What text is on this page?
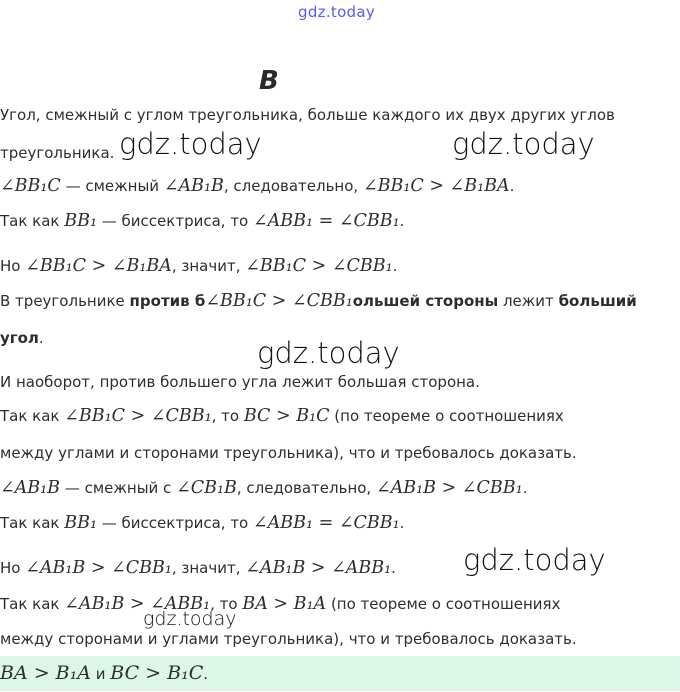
gdz.today
B
Угол, смежный с углом треугольника, больше каждого их двух других углов
треугольника. gdz.today	gdz.today
∠BB₁C — смежный ∠AB₁B, следовательно, ∠BB₁C > ∠B₁BA.
Так как BB₁ — биссектриса, то ∠ABB₁ = ∠CBB₁.
Но ∠BB₁C > ∠B₁BA, значит, ∠BB₁C > ∠CBB₁.
В треугольнике против б∠BB₁C > ∠CBB₁ольшей стороны лежит больший
угол.	gdz.today
И наоборот, против большего угла лежит большая сторона.
Так как ∠BB₁C > ∠CBB₁, то BC > B₁C (по теореме о соотношениях
между углами и сторонами треугольника), что и требовалось доказать.
∠AB₁B — смежный с ∠CB₁B, следовательно, ∠AB₁B > ∠CBB₁.
Так как BB₁ — биссектриса, то ∠ABB₁ = ∠CBB₁.
Но ∠AB₁B > ∠CBB₁, значит, ∠AB₁B > ∠ABB₁. gdz.today
Так как ∠AB₁B > ∠ABB₁, то BA > B₁A (по теореме о соотношениях
gdz.today
между сторонами и углами треугольника), что и требовалось доказать.
BA > B₁A и BC > B₁C.
